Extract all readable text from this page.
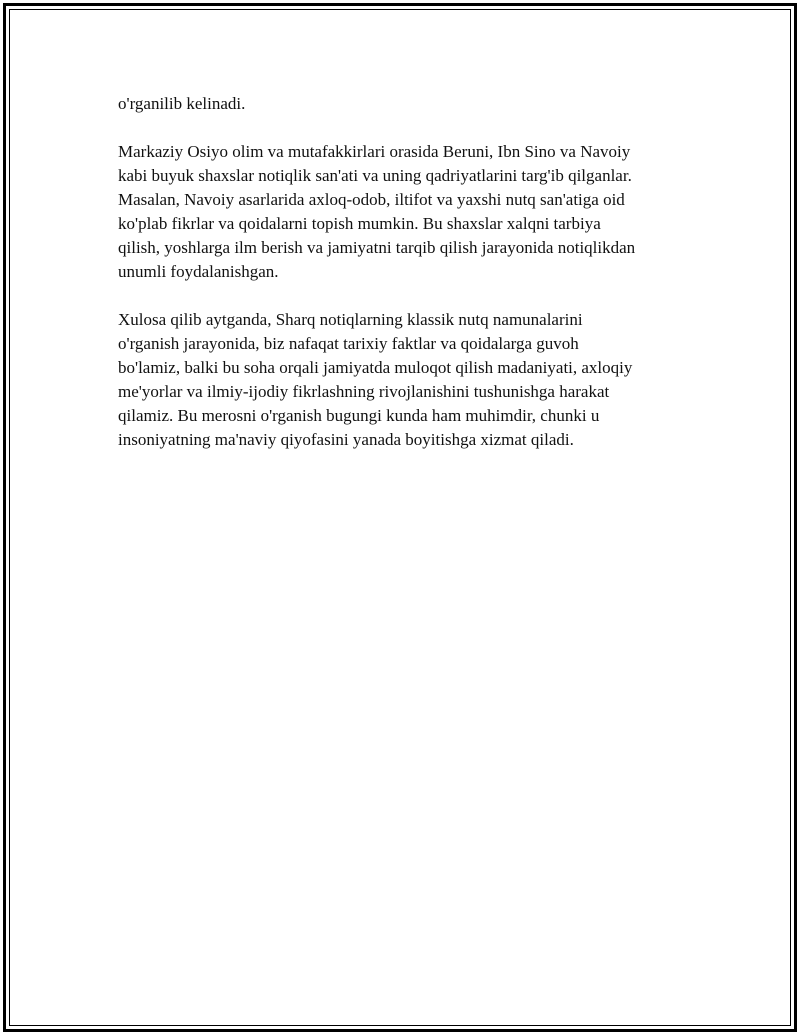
o'rganilib kelinadi.

Markaziy Osiyo olim va mutafakkirlari orasida Beruni, Ibn Sino va Navoiy
kabi buyuk shaxslar notiqlik san'ati va uning qadriyatlarini targ'ib qilganlar.
Masalan, Navoiy asarlarida axloq-odob, iltifot va yaxshi nutq san'atiga oid
ko'plab fikrlar va qoidalarni topish mumkin. Bu shaxslar xalqni tarbiya
qilish, yoshlarga ilm berish va jamiyatni tarqib qilish jarayonida notiqlikdan
unumli foydalanishgan.

Xulosa qilib aytganda, Sharq notiqlarning klassik nutq namunalarini
o'rganish jarayonida, biz nafaqat tarixiy faktlar va qoidalarga guvoh
bo'lamiz, balki bu soha orqali jamiyatda muloqot qilish madaniyati, axloqiy
me'yorlar va ilmiy-ijodiy fikrlashning rivojlanishini tushunishga harakat
qilamiz. Bu merosni o'rganish bugungi kunda ham muhimdir, chunki u
insoniyatning ma'naviy qiyofasini yanada boyitishga xizmat qiladi.
